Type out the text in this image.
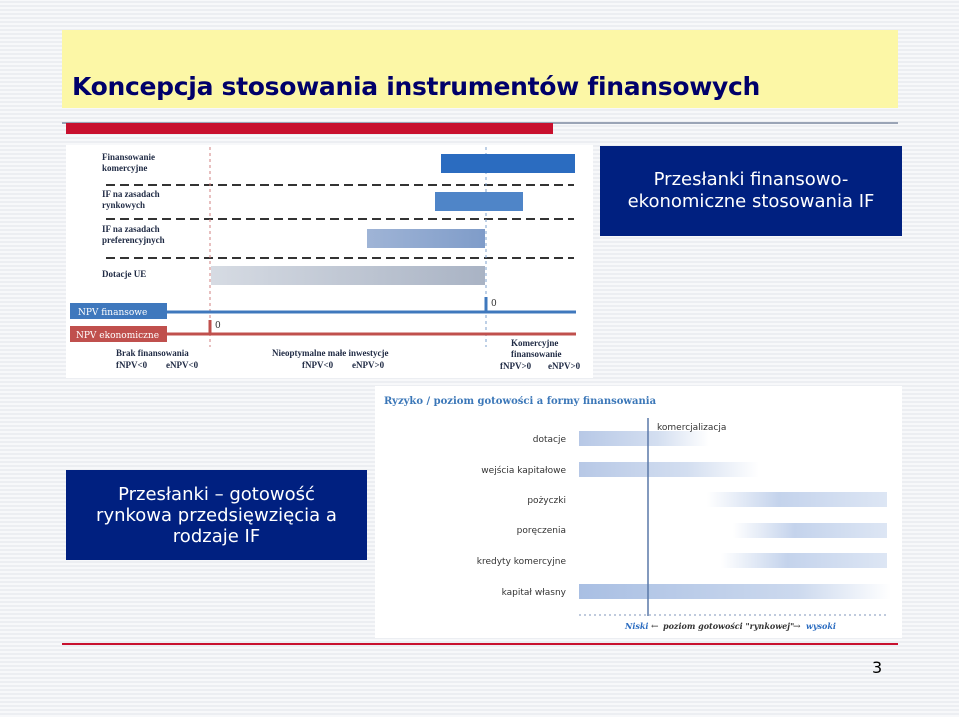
Koncepcja stosowania instrumentów finansowych
Finansowanie
komercyjne
IF na zasadach
rynkowych
IF na zasadach
preferencyjnych
Dotacje UE
NPV finansowe
0
NPV ekonomiczne
0
Brak finansowania
fNPV<0 eNPV<0
Nieoptymalne małe inwestycje
fNPV<0 eNPV>0
Komercyjne
finansowanie
fNPV>0 eNPV>0
Przesłanki finansowo-
ekonomiczne stosowania IF
Ryzyko / poziom gotowości a formy finansowania
dotacje
wejścia kapitałowe
pożyczki
poręczenia
kredyty komercyjne
kapitał własny
komercjalizacja
Niski ← poziom gotowości "rynkowej"
→ wysoki
Przesłanki – gotowość
rynkowa przedsięwzięcia a
rodzaje IF
3
